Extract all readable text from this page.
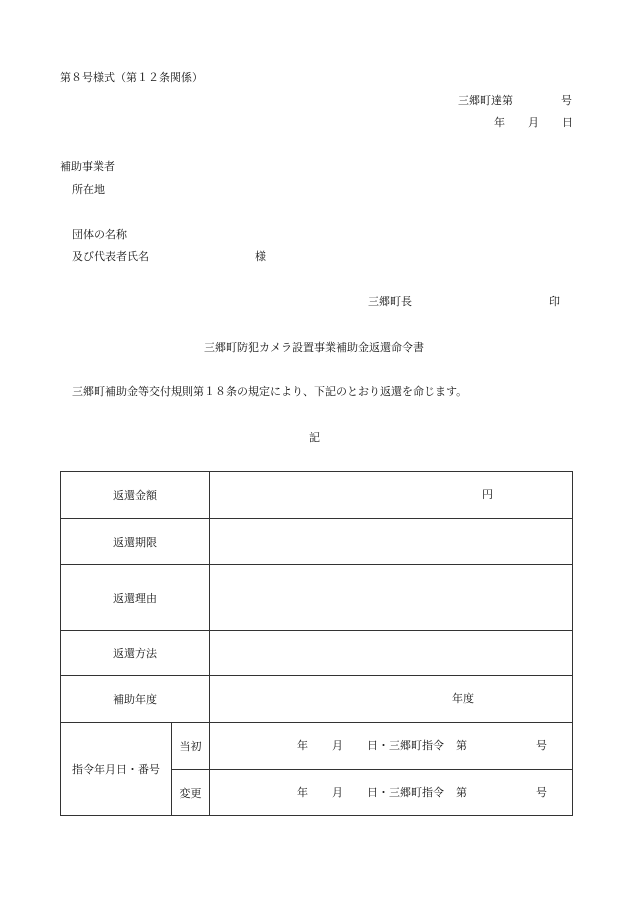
第８号様式（第１２条関係）
三郷町達第	号
年 月 日
補助事業者
所在地
団体の名称
及び代表者氏名	様
三郷町長	印
三郷町防犯カメラ設置事業補助金返還命令書
三郷町補助金等交付規則第１８条の規定により、下記のとおり返還を命じます。
記
返還金額		円

返還期限		
返還理由		
返還方法		
補助年度		年度

指令年月日・番号	当初	年 月 日・三郷町指令 第 号

	変更	年 月 日・三郷町指令 第 号
